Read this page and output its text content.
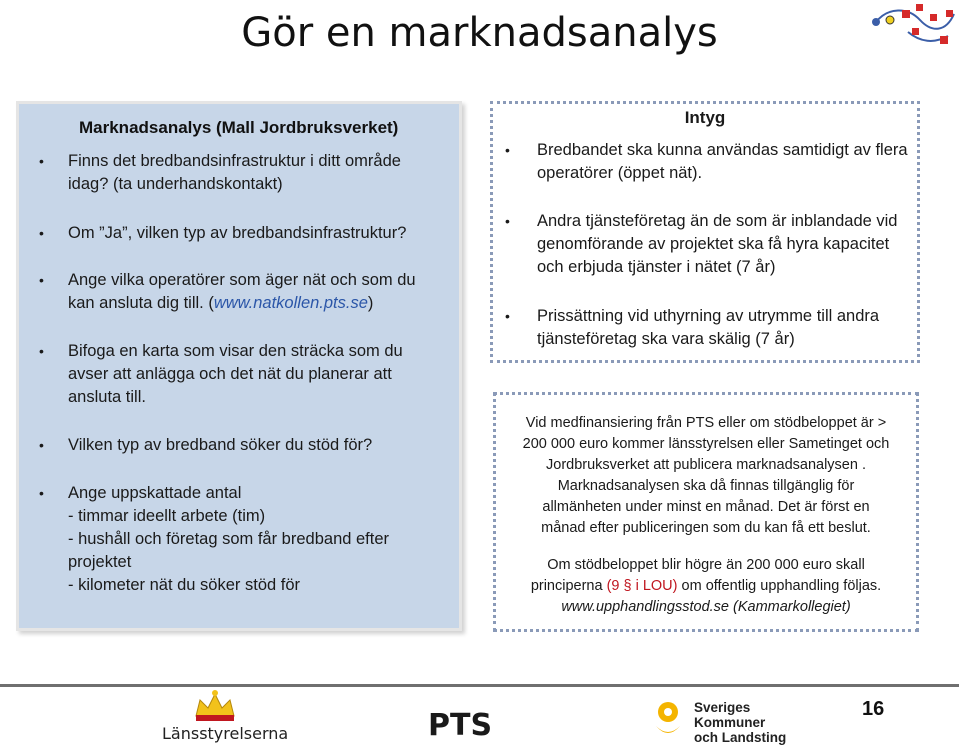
Gör en marknadsanalys
Marknadsanalys (Mall Jordbruksverket)
• Finns det bredbandsinfrastruktur i ditt område
idag? (ta underhandskontakt)
• Om ”Ja”, vilken typ av bredbandsinfrastruktur?
• Ange vilka operatörer som äger nät och som du
kan ansluta dig till. (www.natkollen.pts.se)
• Bifoga en karta som visar den sträcka som du
avser att anlägga och det nät du planerar att
ansluta till.
• Vilken typ av bredband söker du stöd för?
• Ange uppskattade antal
- timmar ideellt arbete (tim)
- hushåll och företag som får bredband efter
projektet
- kilometer nät du söker stöd för
Intyg
• Bredbandet ska kunna användas samtidigt av flera operatörer (öppet nät).
• Andra tjänsteföretag än de som är inblandade vid genomförande av projektet ska få hyra kapacitet och erbjuda tjänster i nätet (7 år)
• Prissättning vid uthyrning av utrymme till andra tjänsteföretag ska vara skälig (7 år)
Vid medfinansiering från PTS eller om stödbeloppet är >
200 000 euro kommer länsstyrelsen eller Sametinget och
Jordbruksverket att publicera marknadsanalysen .
Marknadsanalysen ska då finnas tillgänglig för
allmänheten under minst en månad. Det är först en
månad efter publiceringen som du kan få ett beslut.
Om stödbeloppet blir högre än 200 000 euro skall
principerna (9 § i LOU) om offentlig upphandling följas.
www.upphandlingsstod.se (Kammarkollegiet)
Länsstyrelserna	PTS
Sveriges
Kommuner
och Landsting
16
